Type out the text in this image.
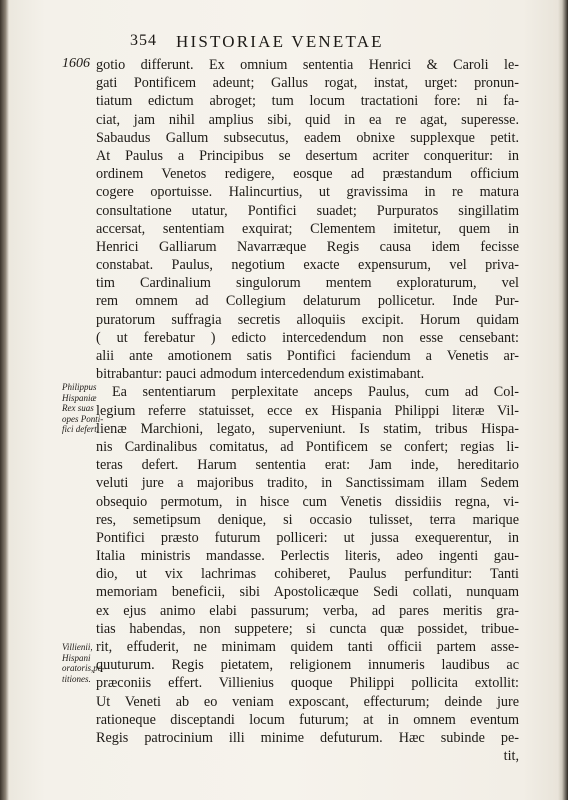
354 HISTORIAE VENETAE
1606
Philippus
Hispaniæ
Rex suas
opes Ponti-
fici defert.
Villienii,
Hispani
oratoris,pe-
titiones.
gotio differunt. Ex omnium sententia Henrici & Caroli le-
gati Pontificem adeunt; Gallus rogat, instat, urget: pronun-
tiatum edictum abroget; tum locum tractationi fore: ni fa-
ciat, jam nihil amplius sibi, quid in ea re agat, superesse.
Sabaudus Gallum subsecutus, eadem obnixe supplexque petit.
At Paulus a Principibus se desertum acriter conqueritur: in
ordinem Venetos redigere, eosque ad præstandum officium
cogere oportuisse. Halincurtius, ut gravissima in re matura
consultatione utatur, Pontifici suadet; Purpuratos singillatim
accersat, sententiam exquirat; Clementem imitetur, quem in
Henrici Galliarum Navarræque Regis causa idem fecisse
constabat. Paulus, negotium exacte expensurum, vel priva-
tim Cardinalium singulorum mentem exploraturum, vel
rem omnem ad Collegium delaturum pollicetur. Inde Pur-
puratorum suffragia secretis alloquiis excipit. Horum quidam
( ut ferebatur ) edicto intercedendum non esse censebant:
alii ante amotionem satis Pontifici faciendum a Venetis ar-
bitrabantur: pauci admodum intercedendum existimabant.
Ea sententiarum perplexitate anceps Paulus, cum ad Col-
legium referre statuisset, ecce ex Hispania Philippi literæ Vil-
lienæ Marchioni, legato, superveniunt. Is statim, tribus Hispa-
nis Cardinalibus comitatus, ad Pontificem se confert; regias li-
teras defert. Harum sententia erat: Jam inde, hereditario
veluti jure a majoribus tradito, in Sanctissimam illam Sedem
obsequio permotum, in hisce cum Venetis dissidiis regna, vi-
res, semetipsum denique, si occasio tulisset, terra marique
Pontifici præsto futurum polliceri: ut jussa exequerentur, in
Italia ministris mandasse. Perlectis literis, adeo ingenti gau-
dio, ut vix lachrimas cohiberet, Paulus perfunditur: Tanti
memoriam beneficii, sibi Apostolicæque Sedi collati, nunquam
ex ejus animo elabi passurum; verba, ad pares meritis gra-
tias habendas, non suppetere; si cuncta quæ possidet, tribue-
rit, effuderit, ne minimam quidem tanti officii partem asse-
quuturum. Regis pietatem, religionem innumeris laudibus ac
præconiis effert. Villienius quoque Philippi pollicita extollit:
Ut Veneti ab eo veniam exposcant, effecturum; deinde jure
rationeque disceptandi locum futurum; at in omnem eventum
Regis patrocinium illi minime defuturum. Hæc subinde pe-
tit,
